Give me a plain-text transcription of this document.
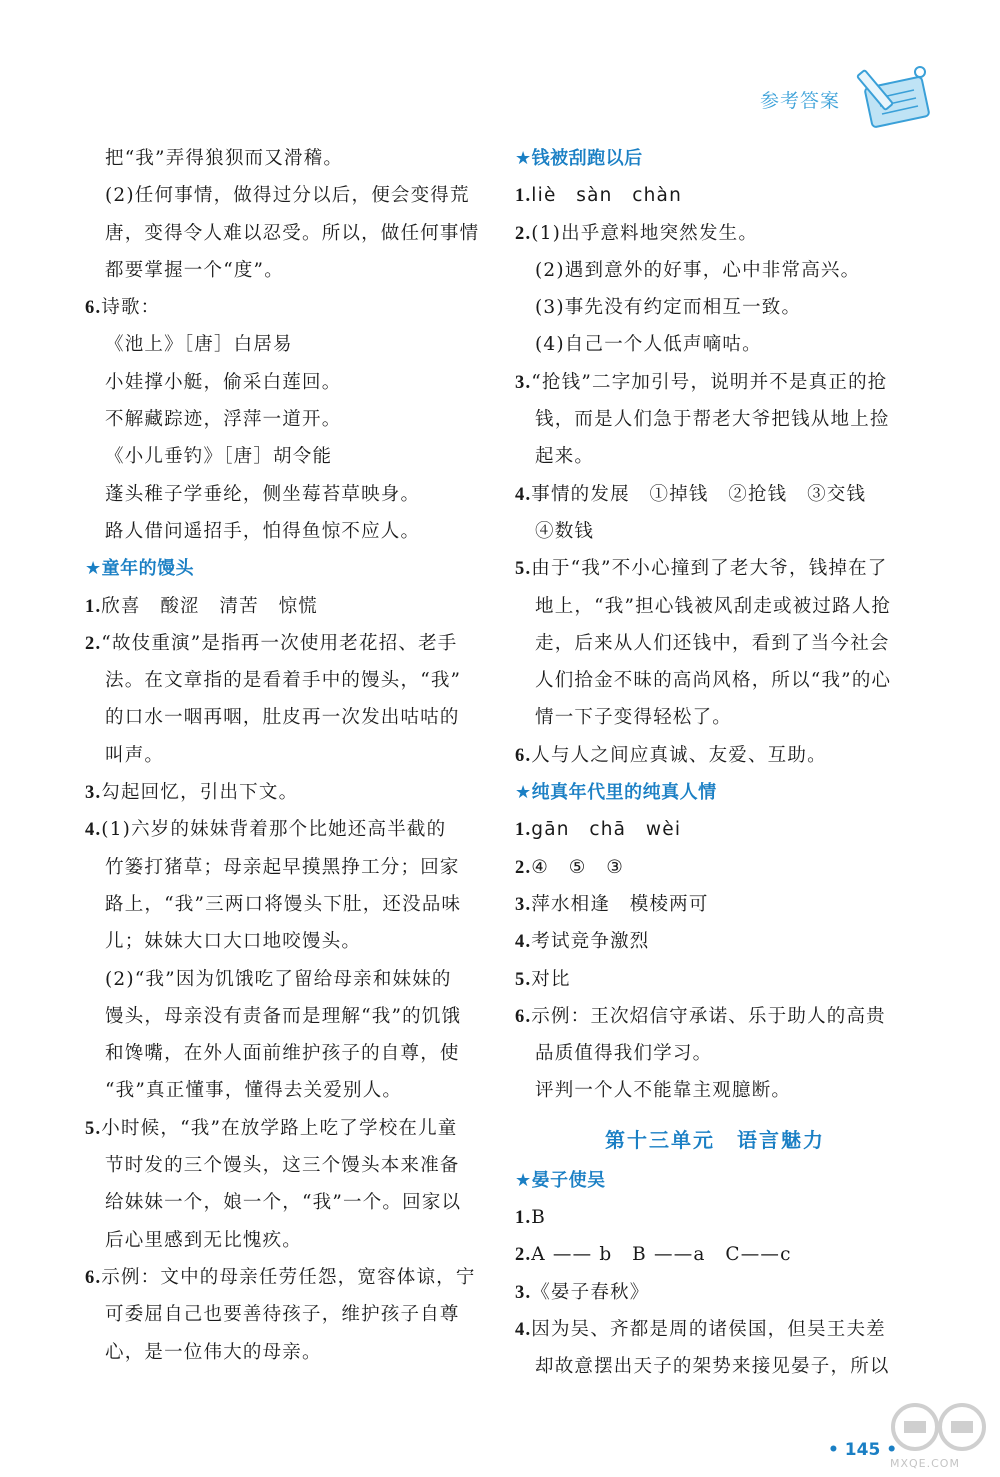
参考答案
把“我”弄得狼狈而又滑稽。
(2)任何事情，做得过分以后，便会变得荒
唐，变得令人难以忍受。所以，做任何事情
都要掌握一个“度”。
6.诗歌：
《池上》［唐］白居易
小娃撑小艇，偷采白莲回。
不解藏踪迹，浮萍一道开。
《小儿垂钓》［唐］胡令能
蓬头稚子学垂纶，侧坐莓苔草映身。
路人借问遥招手，怕得鱼惊不应人。
★童年的馒头
1.欣喜　酸涩　清苦　惊慌
2.“故伎重演”是指再一次使用老花招、老手
法。在文章指的是看着手中的馒头，“我”
的口水一咽再咽，肚皮再一次发出咕咕的
叫声。
3.勾起回忆，引出下文。
4.(1)六岁的妹妹背着那个比她还高半截的
竹篓打猪草；母亲起早摸黑挣工分；回家
路上，“我”三两口将馒头下肚，还没品味
儿；妹妹大口大口地咬馒头。
(2)“我”因为饥饿吃了留给母亲和妹妹的
馒头，母亲没有责备而是理解“我”的饥饿
和馋嘴，在外人面前维护孩子的自尊，使
“我”真正懂事，懂得去关爱别人。
5.小时候，“我”在放学路上吃了学校在儿童
节时发的三个馒头，这三个馒头本来准备
给妹妹一个，娘一个，“我”一个。回家以
后心里感到无比愧疚。
6.示例：文中的母亲任劳任怨，宽容体谅，宁
可委屈自己也要善待孩子，维护孩子自尊
心，是一位伟大的母亲。
★钱被刮跑以后
1.liè　sàn　chàn
2.(1)出乎意料地突然发生。
(2)遇到意外的好事，心中非常高兴。
(3)事先没有约定而相互一致。
(4)自己一个人低声嘀咕。
3.“抢钱”二字加引号，说明并不是真正的抢
钱，而是人们急于帮老大爷把钱从地上捡
起来。
4.事情的发展　①掉钱　②抢钱　③交钱
④数钱
5.由于“我”不小心撞到了老大爷，钱掉在了
地上，“我”担心钱被风刮走或被过路人抢
走，后来从人们还钱中，看到了当今社会
人们拾金不昧的高尚风格，所以“我”的心
情一下子变得轻松了。
6.人与人之间应真诚、友爱、互助。
★纯真年代里的纯真人情
1.gān　chā　wèi
2.④　⑤　③
3.萍水相逢　模棱两可
4.考试竞争激烈
5.对比
6.示例：王次炤信守承诺、乐于助人的高贵
品质值得我们学习。
评判一个人不能靠主观臆断。
第十三单元　语言魅力
★晏子使吴
1.B
2.A —— b　B ——a　C——c
3.《晏子春秋》
4.因为吴、齐都是周的诸侯国，但吴王夫差
却故意摆出天子的架势来接见晏子，所以
• 145 •
MXQE.COM
